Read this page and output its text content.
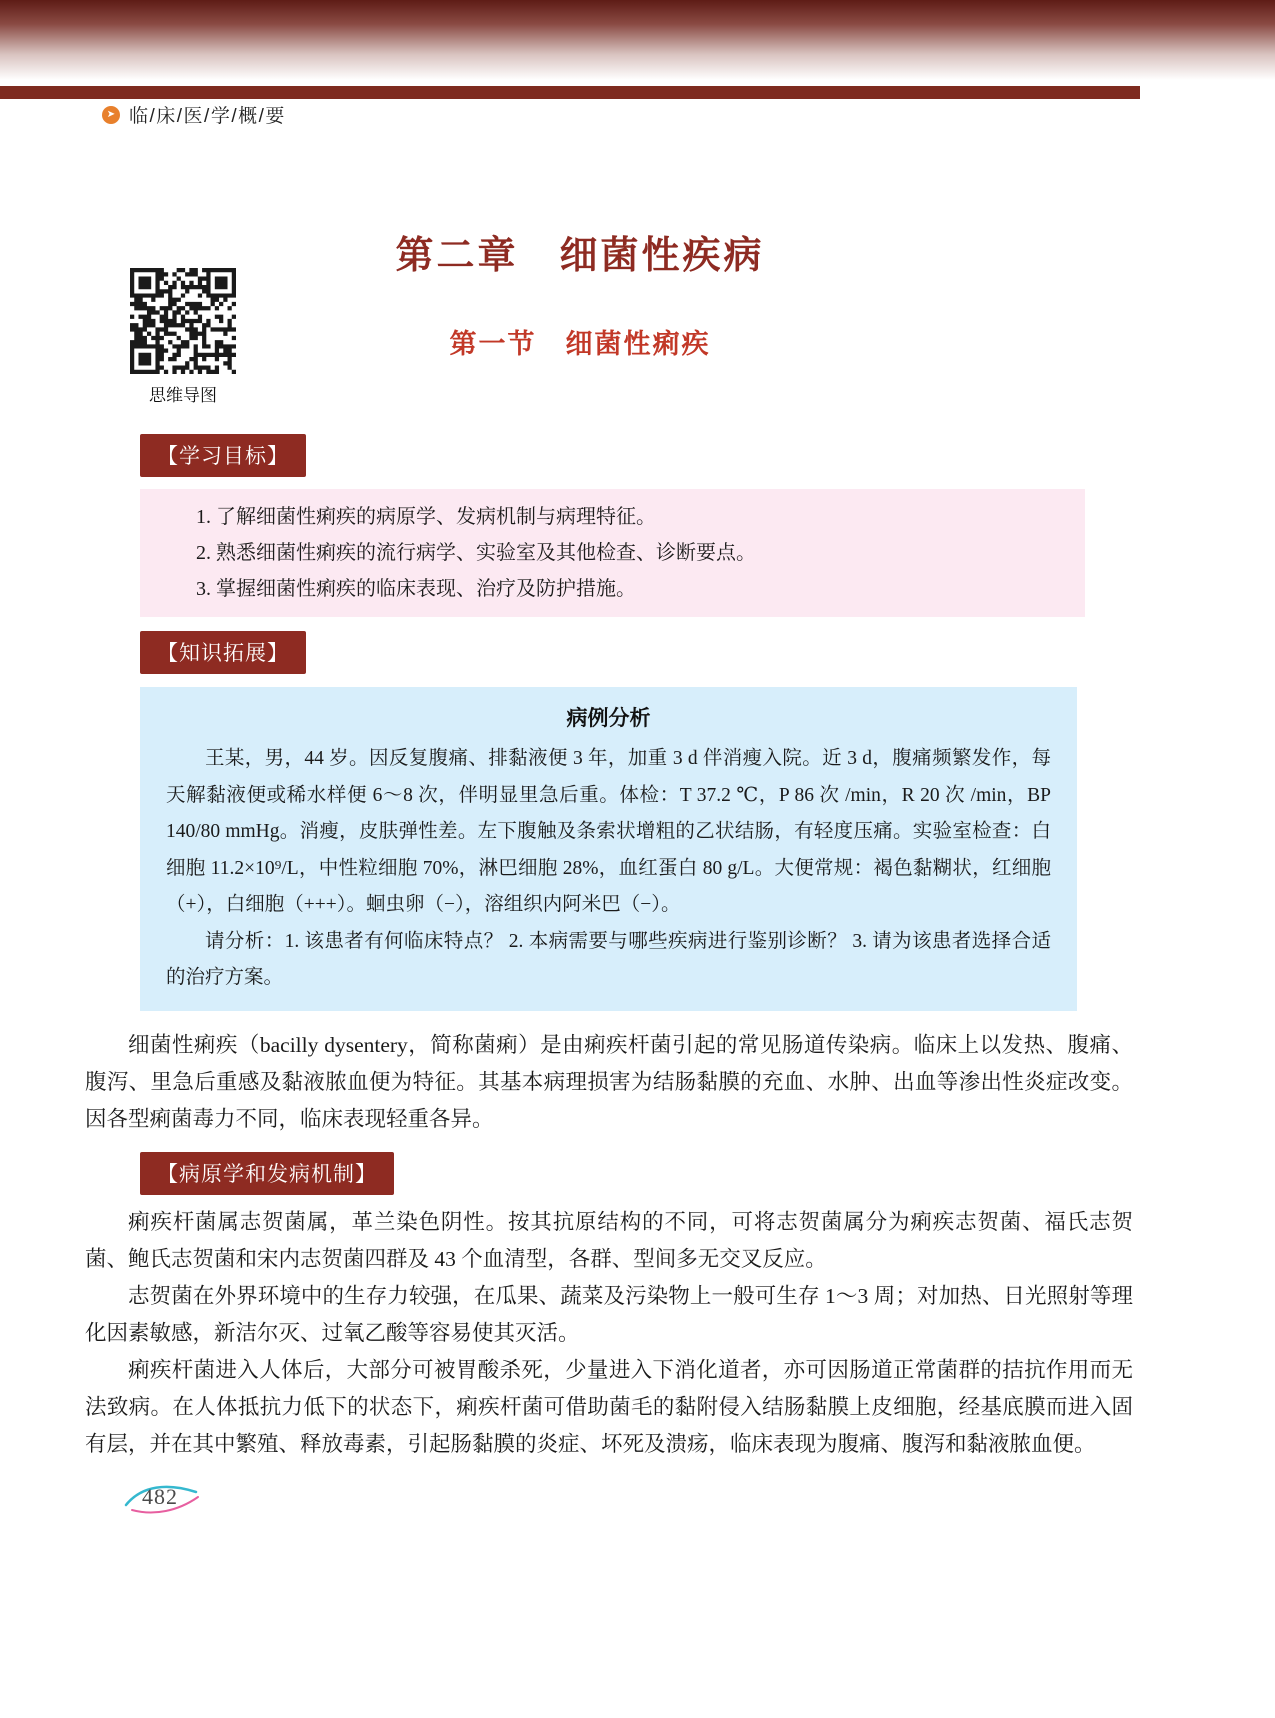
➤ 临/床/医/学/概/要
思维导图
第二章　细菌性疾病
第一节　细菌性痢疾
【学习目标】

1. 了解细菌性痢疾的病原学、发病机制与病理特征。

2. 熟悉细菌性痢疾的流行病学、实验室及其他检查、诊断要点。

3. 掌握细菌性痢疾的临床表现、治疗及防护措施。

【知识拓展】
病例分析

王某，男，44 岁。因反复腹痛、排黏液便 3 年，加重 3 d 伴消瘦入院。近 3 d，腹痛频繁发作，每天解黏液便或稀水样便 6～8 次，伴明显里急后重。体检：T 37.2 ℃，P 86 次 /min，R 20 次 /min，BP 140/80 mmHg。消瘦，皮肤弹性差。左下腹触及条索状增粗的乙状结肠，有轻度压痛。实验室检查：白细胞 11.2×10⁹/L，中性粒细胞 70%，淋巴细胞 28%，血红蛋白 80 g/L。大便常规：褐色黏糊状，红细胞（+），白细胞（+++）。蛔虫卵（−），溶组织内阿米巴（−）。

请分析：1. 该患者有何临床特点？ 2. 本病需要与哪些疾病进行鉴别诊断？ 3. 请为该患者选择合适的治疗方案。

细菌性痢疾（bacilly dysentery，简称菌痢）是由痢疾杆菌引起的常见肠道传染病。临床上以发热、腹痛、腹泻、里急后重感及黏液脓血便为特征。其基本病理损害为结肠黏膜的充血、水肿、出血等渗出性炎症改变。因各型痢菌毒力不同，临床表现轻重各异。

【病原学和发病机制】

痢疾杆菌属志贺菌属，革兰染色阴性。按其抗原结构的不同，可将志贺菌属分为痢疾志贺菌、福氏志贺菌、鲍氏志贺菌和宋内志贺菌四群及 43 个血清型，各群、型间多无交叉反应。

志贺菌在外界环境中的生存力较强，在瓜果、蔬菜及污染物上一般可生存 1～3 周；对加热、日光照射等理化因素敏感，新洁尔灭、过氧乙酸等容易使其灭活。

痢疾杆菌进入人体后，大部分可被胃酸杀死，少量进入下消化道者，亦可因肠道正常菌群的拮抗作用而无法致病。在人体抵抗力低下的状态下，痢疾杆菌可借助菌毛的黏附侵入结肠黏膜上皮细胞，经基底膜而进入固有层，并在其中繁殖、释放毒素，引起肠黏膜的炎症、坏死及溃疡，临床表现为腹痛、腹泻和黏液脓血便。

482
